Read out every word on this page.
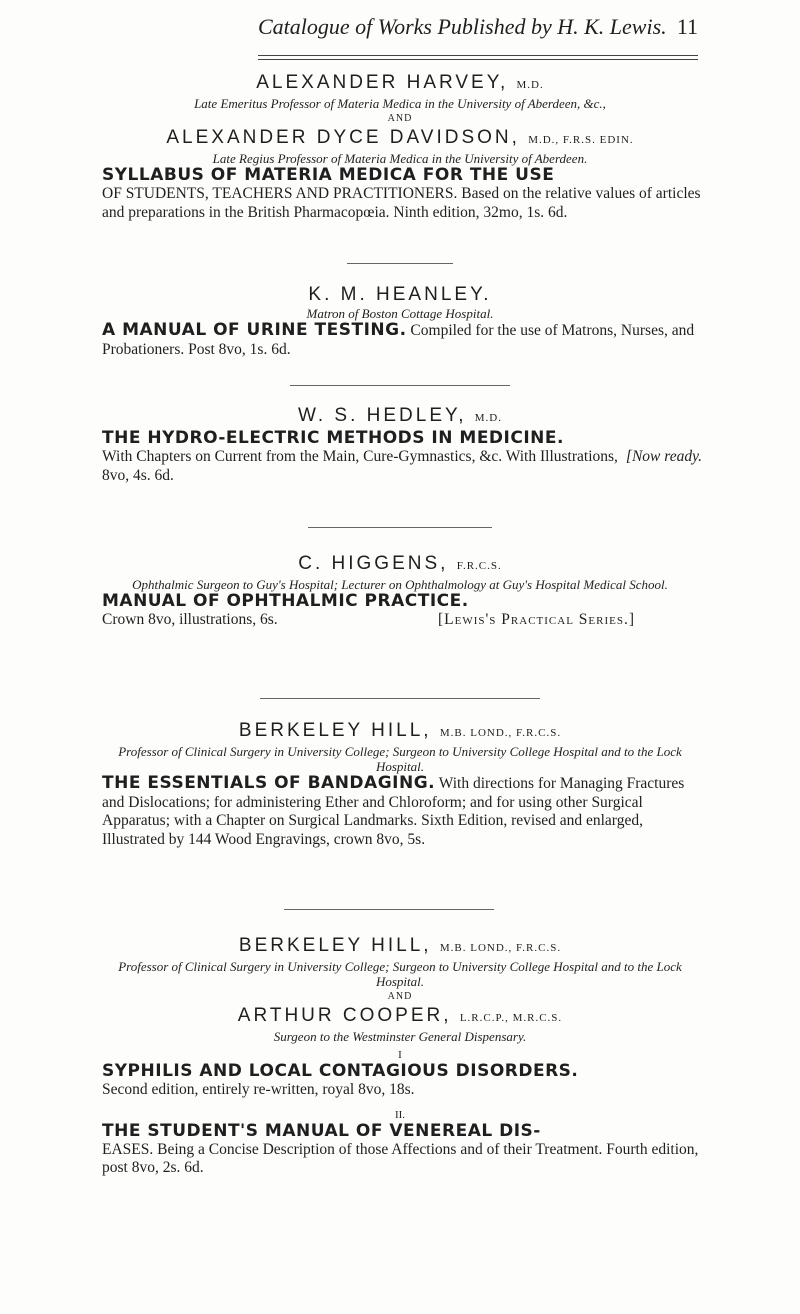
Catalogue of Works Published by H. K. Lewis. 11
ALEXANDER HARVEY, M.D.
Late Emeritus Professor of Materia Medica in the University of Aberdeen, &c.,
AND
ALEXANDER DYCE DAVIDSON, M.D., F.R.S. EDIN.
Late Regius Professor of Materia Medica in the University of Aberdeen.
SYLLABUS OF MATERIA MEDICA FOR THE USE
OF STUDENTS, TEACHERS AND PRACTITIONERS. Based on the relative values of articles and preparations in the British Pharmacopœia. Ninth edition, 32mo, 1s. 6d.
K. M. HEANLEY.
Matron of Boston Cottage Hospital.
A MANUAL OF URINE TESTING. Compiled for the use of Matrons, Nurses, and Probationers. Post 8vo, 1s. 6d.
W. S. HEDLEY, M.D.
THE HYDRO-ELECTRIC METHODS IN MEDICINE.
[Now ready.
With Chapters on Current from the Main, Cure-Gymnastics, &c. With Illustrations, 8vo, 4s. 6d.
C. HIGGENS, F.R.C.S.
Ophthalmic Surgeon to Guy's Hospital; Lecturer on Ophthalmology at Guy's Hospital Medical School.
MANUAL OF OPHTHALMIC PRACTICE.
Crown 8vo, illustrations, 6s.	[Lewis's Practical Series.]
BERKELEY HILL, M.B. LOND., F.R.C.S.
Professor of Clinical Surgery in University College; Surgeon to University College Hospital and to the Lock Hospital.
THE ESSENTIALS OF BANDAGING. With directions for Managing Fractures and Dislocations; for administering Ether and Chloroform; and for using other Surgical Apparatus; with a Chapter on Surgical Landmarks. Sixth Edition, revised and enlarged, Illustrated by 144 Wood Engravings, crown 8vo, 5s.
BERKELEY HILL, M.B. LOND., F.R.C.S.
Professor of Clinical Surgery in University College; Surgeon to University College Hospital and to the Lock Hospital.
AND
ARTHUR COOPER, L.R.C.P., M.R.C.S.
Surgeon to the Westminster General Dispensary.
I
SYPHILIS AND LOCAL CONTAGIOUS DISORDERS.
Second edition, entirely re-written, royal 8vo, 18s.
II.
THE STUDENT'S MANUAL OF VENEREAL DIS-
EASES. Being a Concise Description of those Affections and of their Treatment. Fourth edition, post 8vo, 2s. 6d.
